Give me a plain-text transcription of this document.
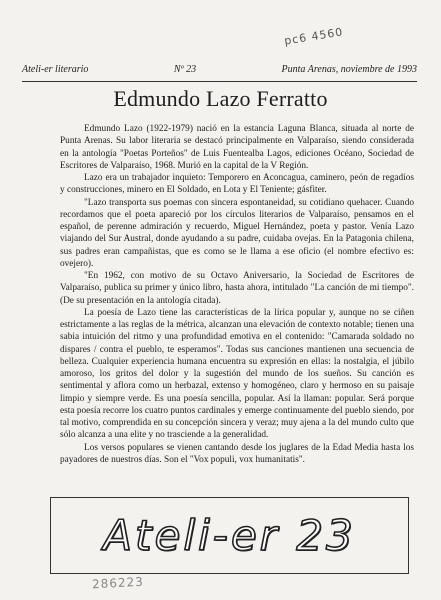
pc6 4560
Ateli-er literario	Nº 23	Punta Arenas, noviembre de 1993
Edmundo Lazo Ferratto

Edmundo Lazo (1922-1979) nació en la estancia Laguna Blanca, situada al norte de Punta Arenas. Su labor literaria se destacó principalmente en Valparaíso, siendo considerada en la antología "Poetas Porteños" de Luis Fuentealba Lagos, ediciones Océano, Sociedad de Escritores de Valparaíso, 1968. Murió en la capital de la V Región.

Lazo era un trabajador inquieto: Temporero en Aconcagua, caminero, peón de regadíos y construcciones, minero en El Soldado, en Lota y El Teniente; gásfiter.

"Lazo transporta sus poemas con sincera espontaneidad, su cotidiano quehacer. Cuando recordamos que el poeta apareció por los círculos literarios de Valparaíso, pensamos en el español, de perenne admiración y recuerdo, Miguel Hernández, poeta y pastor. Venía Lazo viajando del Sur Austral, donde ayudando a su padre, cuidaba ovejas. En la Patagonia chilena, sus padres eran campañistas, que es como se le llama a ese oficio (el nombre efectivo es: ovejero).

"En 1962, con motivo de su Octavo Aniversario, la Sociedad de Escritores de Valparaíso, publica su primer y único libro, hasta ahora, intitulado "La canción de mi tiempo". (De su presentación en la antología citada).

La poesía de Lazo tiene las características de la lírica popular y, aunque no se ciñen estrictamente a las reglas de la métrica, alcanzan una elevación de contexto notable; tienen una sabia intuición del ritmo y una profundidad emotiva en el contenido: "Camarada soldado no dispares / contra el pueblo, te esperamos". Todas sus canciones mantienen una secuencia de belleza. Cualquier experiencia humana encuentra su expresión en ellas: la nostalgia, el júbilo amoroso, los gritos del dolor y la sugestión del mundo de los sueños. Su canción es sentimental y aflora como un herbazal, extenso y homogéneo, claro y hermoso en su paisaje limpio y siempre verde. Es una poesía sencilla, popular. Así la llaman: popular. Será porque esta poesía recorre los cuatro puntos cardinales y emerge continuamente del pueblo siendo, por tal motivo, comprendida en su concepción sincera y veraz; muy ajena a la del mundo culto que sólo alcanza a una elite y no trasciende a la generalidad.

Los versos populares se vienen cantando desde los juglares de la Edad Media hasta los payadores de nuestros días. Son el "Vox populi, vox humanitatis".

Ateli-er 23
286223
